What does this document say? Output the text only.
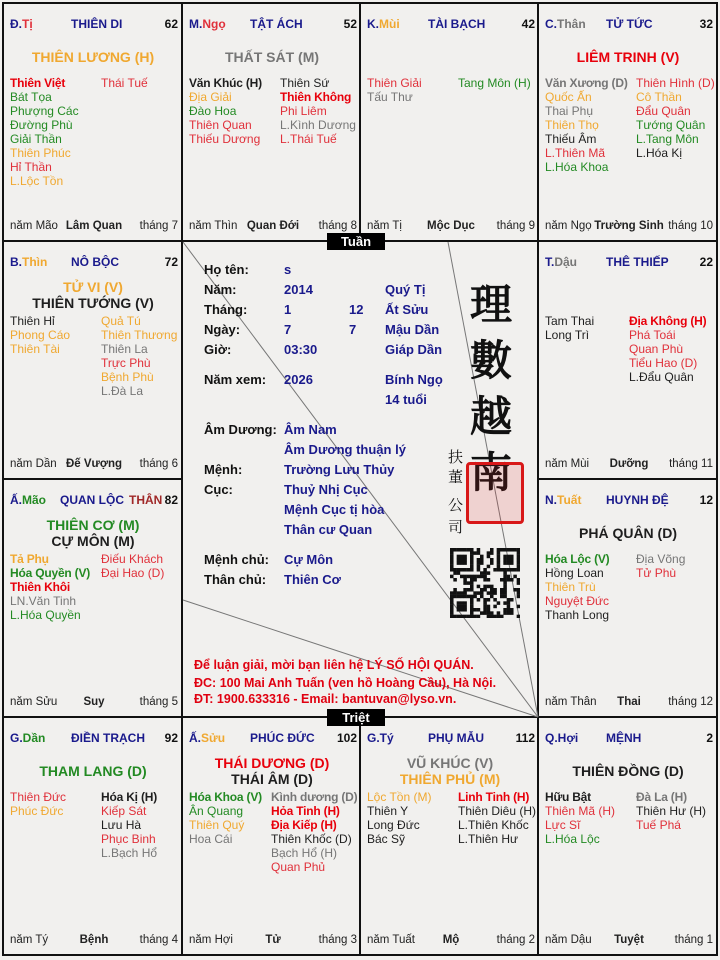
Đ.Tị	THIÊN DI	62
THIÊN LƯƠNG (H)
Thiên Việt
Bát Tọa
Phượng Các
Đường Phù
Giải Thần
Thiên Phúc
Hỉ Thần
L.Lộc Tồn
Thái Tuế
năm Mão Lâm Quan	tháng 7
M.Ngọ TẬT ÁCH	52
THẤT SÁT (M)
Văn Khúc (H)
Địa Giải
Đào Hoa
Thiên Quan
Thiếu Dương
Thiên Sứ
Thiên Không
Phi Liêm
L.Kình Dương
L.Thái Tuế
năm Thìn Quan Đới	tháng 8
K.Mùi TÀI BẠCH	42
Thiên Giải
Tấu Thư
Tang Môn (H)
năm Tị	Mộc Dục	tháng 9
C.Thân TỬ TỨC	32
LIÊM TRINH (V)
Văn Xương (D)
Quốc Ấn
Thai Phụ
Thiên Thọ
Thiếu Âm
L.Thiên Mã
L.Hóa Khoa
Thiên Hình (D)
Cô Thần
Đẩu Quân
Tướng Quân
L.Tang Môn
L.Hóa Kị
năm Ngọ Trường Sinh tháng 10
B.Thìn NÔ BỘC	72
TỬ VI (V)
THIÊN TƯỚNG (V)
Thiên Hỉ
Phong Cáo
Thiên Tài
Quả Tú
Thiên Thương
Thiên La
Trực Phù
Bệnh Phù
L.Đà La
năm Dần Đế Vượng	tháng 6
T.Dậu THÊ THIẾP	22
Tam Thai
Long Trì
Địa Không (H)
Phá Toái
Quan Phù
Tiểu Hao (D)
L.Đẩu Quân
năm Mùi	Dưỡng	tháng 11
Ấ.Mão QUAN LỘC THÂN 82
THIÊN CƠ (M)
CỰ MÔN (M)
Tả Phụ
Hóa Quyền (V)
Thiên Khôi
LN.Văn Tinh
L.Hóa Quyền
Điếu Khách
Đại Hao (D)
năm Sửu	Suy	tháng 5
N.Tuất HUYNH ĐỆ	12
PHÁ QUÂN (D)
Hóa Lộc (V)
Hồng Loan
Thiên Trù
Nguyệt Đức
Thanh Long
Địa Võng
Tử Phù
năm Thân	Thai	tháng 12
G.Dần ĐIỀN TRẠCH 92
THAM LANG (D)
Thiên Đức
Phúc Đức
Hóa Kị (H)
Kiếp Sát
Lưu Hà
Phục Binh
L.Bạch Hổ
năm Tý	Bệnh	tháng 4
Ấ.Sửu PHÚC ĐỨC 102
THÁI DƯƠNG (D)
THÁI ÂM (D)
Hóa Khoa (V)
Ân Quang
Thiên Quý
Hoa Cái
Kình dương (D)
Hỏa Tinh (H)
Địa Kiếp (H)
Thiên Khốc (D)
Bạch Hổ (H)
Quan Phủ
năm Hợi	Tử	tháng 3
G.Tý	PHỤ MẪU	112
VŨ KHÚC (V)
THIÊN PHỦ (M)
Lộc Tồn (M)
Thiên Y
Long Đức
Bác Sỹ
Linh Tinh (H)
Thiên Diêu (H)
L.Thiên Khốc
L.Thiên Hư
năm Tuất	Mộ	tháng 2
Q.Hợi MỆNH	2
THIÊN ĐỒNG (D)
Hữu Bật
Thiên Mã (H)
Lực Sĩ
L.Hóa Lộc
Đà La (H)
Thiên Hư (H)
Tuế Phá
năm Dậu	Tuyệt	tháng 1
Tuần
Triệt
Họ tên:	s
Năm:	2014	Quý Tị
Tháng:	1	12 Ất Sửu
Ngày:	7	7 Mậu Dần
Giờ:	03:30	Giáp Dần
Năm xem: 2026	Bính Ngọ
14 tuổi
Âm Dương: Âm Nam
Âm Dương thuận lý
Mệnh:	Trường Lưu Thủy
Cục:	Thuỷ Nhị Cục
Mệnh Cục tị hòa
Thân cư Quan
Mệnh chủ: Cự Môn
Thân chủ: Thiên Cơ
Để luận giải, mời bạn liên hệ LÝ SỐ HỘI QUÁN.
ĐC: 100 Mai Anh Tuấn (ven hồ Hoàng Cầu), Hà Nội.
ĐT: 1900.633316 - Email: bantuvan@lyso.vn.
理
數
越
南
扶
董
公
司
